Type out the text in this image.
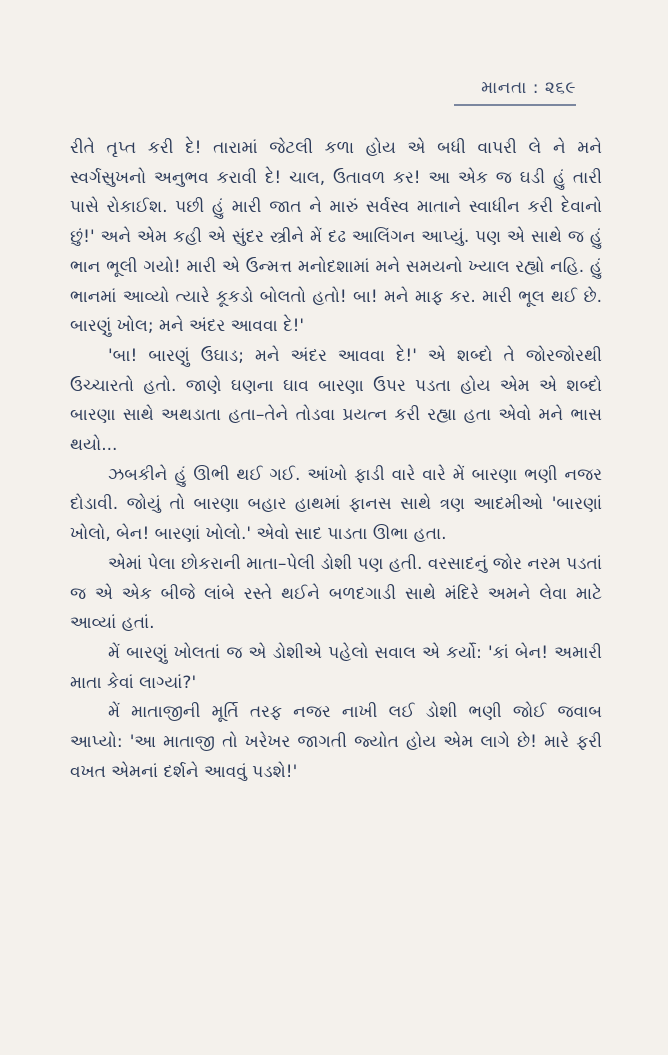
માનતા : ૨૬૯

રીતે તૃપ્ત કરી દે! તારામાં જેટલી કળા હોય એ બધી વાપરી લે ને મને સ્વર્ગસુખનો અનુભવ કરાવી દે! ચાલ, ઉતાવળ કર! આ એક જ ઘડી હું તારી પાસે રોકાઈશ. પછી હું મારી જાત ને મારું સર્વસ્વ માતાને સ્વાધીન કરી દેવાનો છું!' અને એમ કહી એ સુંદર સ્ત્રીને મેં દઢ આલિંગન આપ્યું. પણ એ સાથે જ હું ભાન ભૂલી ગયો! મારી એ ઉન્મત્ત મનોદશામાં મને સમયનો ખ્યાલ રહ્યો નહિ. હું ભાનમાં આવ્યો ત્યારે કૂકડો બોલતો હતો! બા! મને માફ કર. મારી ભૂલ થઈ છે. બારણું ખોલ; મને અંદર આવવા દે!'

'બા! બારણું ઉઘાડ; મને અંદર આવવા દે!' એ શબ્દો તે જોરજોરથી ઉચ્ચારતો હતો. જાણે ઘણના ઘાવ બારણા ઉપર પડતા હોય એમ એ શબ્દો બારણા સાથે અથડાતા હતા–તેને તોડવા પ્રયત્ન કરી રહ્યા હતા એવો મને ભાસ થયો...

ઝબકીને હું ઊભી થઈ ગઈ. આંખો ફાડી વારે વારે મેં બારણા ભણી નજર દોડાવી. જોયું તો બારણા બહાર હાથમાં ફાનસ સાથે ત્રણ આદમીઓ 'બારણાં ખોલો, બેન! બારણાં ખોલો.' એવો સાદ પાડતા ઊભા હતા.

એમાં પેલા છોકરાની માતા–પેલી ડોશી પણ હતી. વરસાદનું જોર નરમ પડતાં જ એ એક બીજે લાંબે રસ્તે થઈને બળદગાડી સાથે મંદિરે અમને લેવા માટે આવ્યાં હતાં.

મેં બારણું ખોલતાં જ એ ડોશીએ પહેલો સવાલ એ કર્યો: 'કાં બેન! અમારી માતા કેવાં લાગ્યાં?'

મેં માતાજીની મૂર્તિ તરફ નજર નાખી લઈ ડોશી ભણી જોઈ જવાબ આપ્યો: 'આ માતાજી તો ખરેખર જાગતી જ્યોત હોય એમ લાગે છે! મારે ફરી વખત એમનાં દર્શને આવવું પડશે!'
